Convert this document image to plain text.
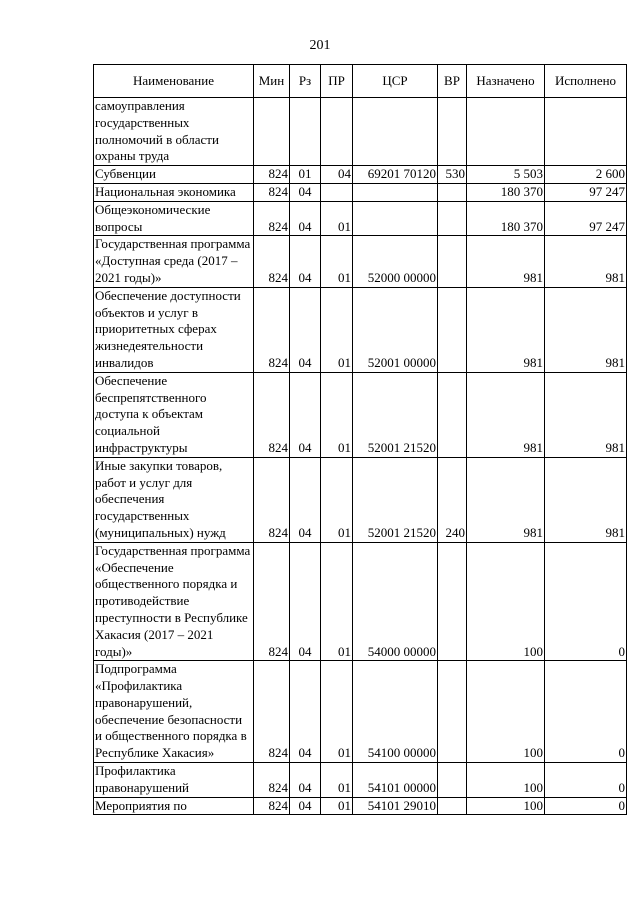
201
Наименование	Мин	Рз	ПР	ЦСР	ВР	Назначено	Исполнено
самоуправления государственных полномочий в области охраны труда							
Субвенции	824	01	04	69201 70120	530	5 503	2 600
Национальная экономика	824	04				180 370	97 247
Общеэкономические вопросы	824	04	01			180 370	97 247
Государственная программа «Доступная среда (2017 – 2021 годы)»	824	04	01	52000 00000		981	981
Обеспечение доступности объектов и услуг в приоритетных сферах жизнедеятельности инвалидов	824	04	01	52001 00000		981	981
Обеспечение беспрепятственного доступа к объектам социальной инфраструктуры	824	04	01	52001 21520		981	981
Иные закупки товаров, работ и услуг для обеспечения государственных (муниципальных) нужд	824	04	01	52001 21520	240	981	981
Государственная программа «Обеспечение общественного порядка и противодействие преступности в Республике Хакасия (2017 – 2021 годы)»	824	04	01	54000 00000		100	0
Подпрограмма «Профилактика правонарушений, обеспечение безопасности и общественного порядка в Республике Хакасия»	824	04	01	54100 00000		100	0
Профилактика правонарушений	824	04	01	54101 00000		100	0
Мероприятия по	824	04	01	54101 29010		100	0
